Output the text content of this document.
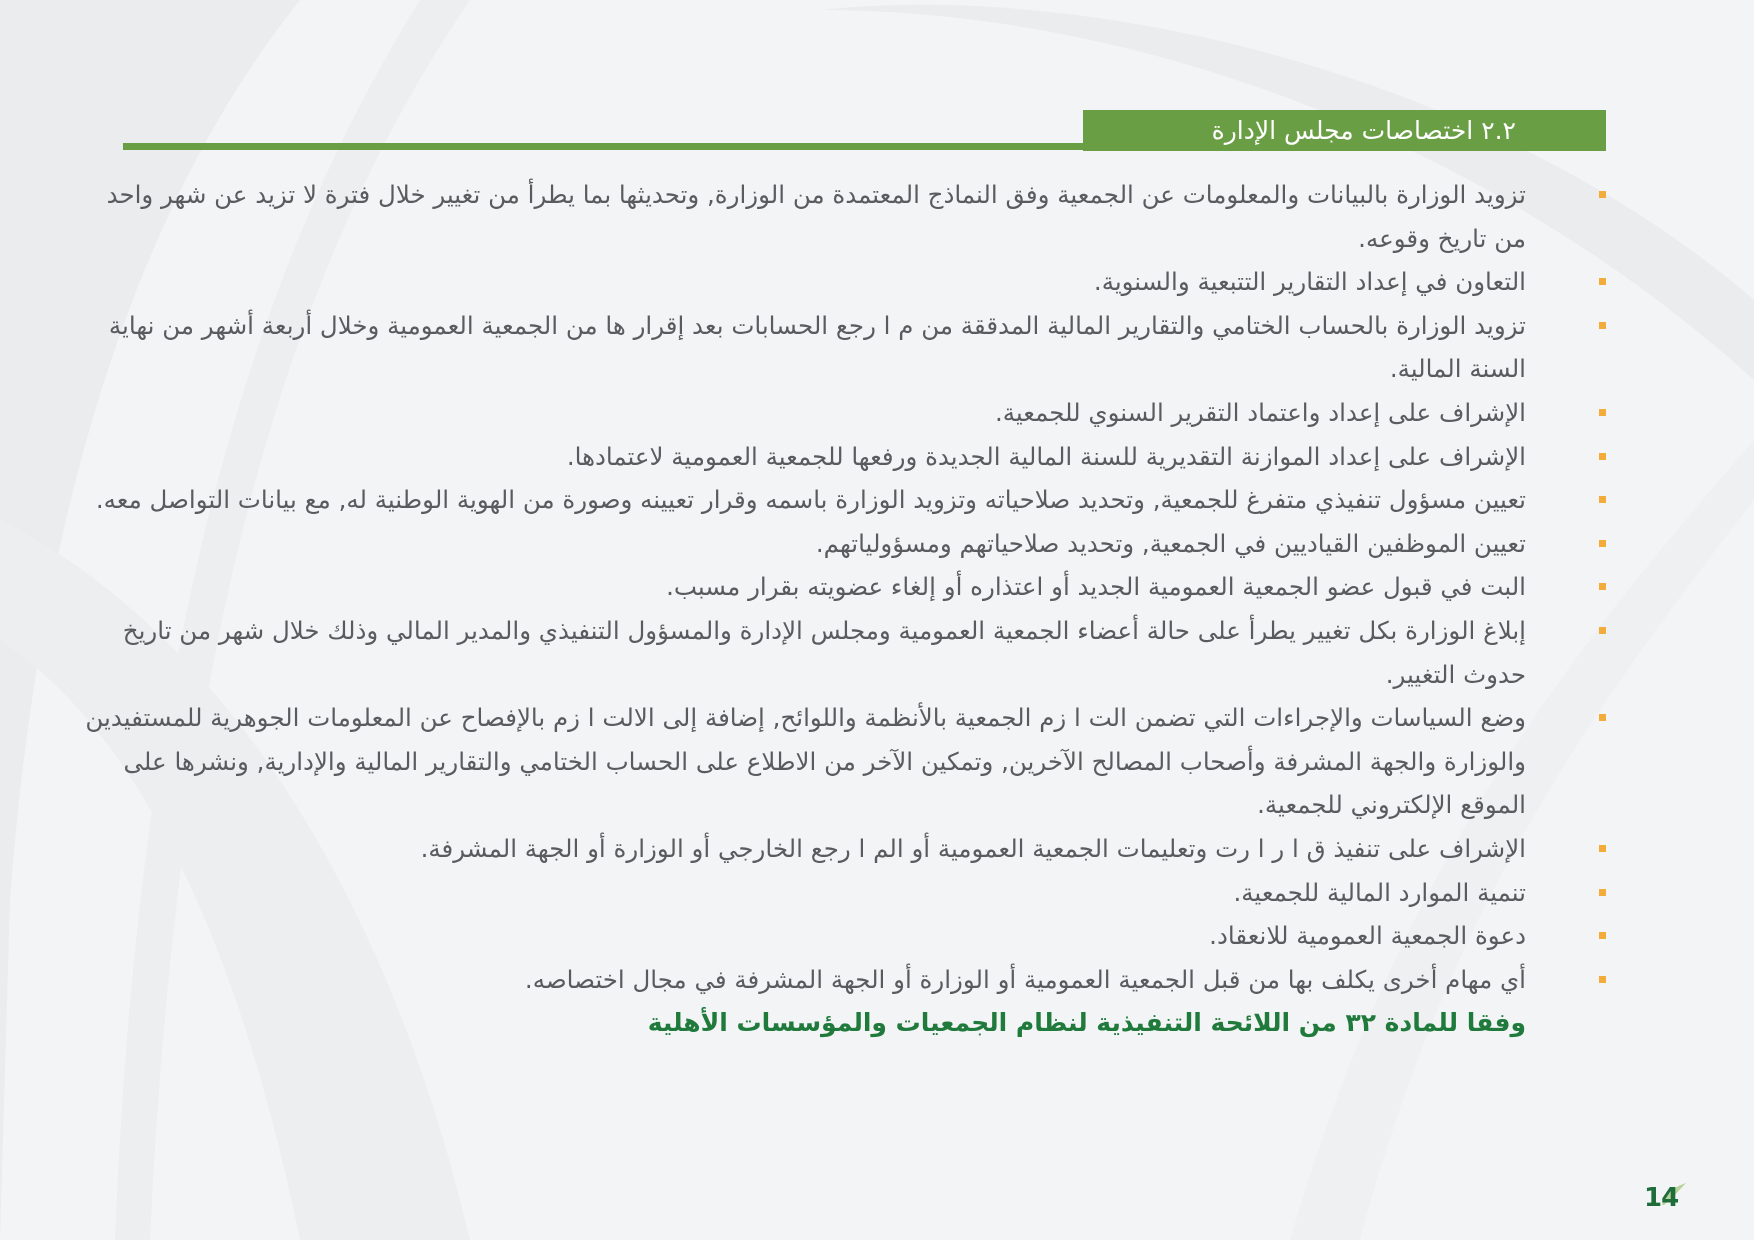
٢.٢ اختصاصات مجلس الإدارة
تزويد الوزارة بالبيانات والمعلومات عن الجمعية وفق النماذج المعتمدة من الوزارة, وتحديثها بما يطرأ من تغيير خلال فترة لا تزيد عن شهر واحد من تاريخ وقوعه.
التعاون في إعداد التقارير التتبعية والسنوية.
تزويد الوزارة بالحساب الختامي والتقارير المالية المدققة من م ا رجع الحسابات بعد إقرار ها من الجمعية العمومية وخلال أربعة أشهر من نهاية السنة المالية.
الإشراف على إعداد واعتماد التقرير السنوي للجمعية.
الإشراف على إعداد الموازنة التقديرية للسنة المالية الجديدة ورفعها للجمعية العمومية لاعتمادها.
تعيين مسؤول تنفيذي متفرغ للجمعية, وتحديد صلاحياته وتزويد الوزارة باسمه وقرار تعيينه وصورة من الهوية الوطنية له, مع بيانات التواصل معه.
تعيين الموظفين القياديين في الجمعية, وتحديد صلاحياتهم ومسؤولياتهم.
البت في قبول عضو الجمعية العمومية الجديد أو اعتذاره أو إلغاء عضويته بقرار مسبب.
إبلاغ الوزارة بكل تغيير يطرأ على حالة أعضاء الجمعية العمومية ومجلس الإدارة والمسؤول التنفيذي والمدير المالي وذلك خلال شهر من تاريخ حدوث التغيير.
وضع السياسات والإجراءات التي تضمن الت ا زم الجمعية بالأنظمة واللوائح, إضافة إلى الالت ا زم بالإفصاح عن المعلومات الجوهرية للمستفيدين والوزارة والجهة المشرفة وأصحاب المصالح الآخرين, وتمكين الآخر من الاطلاع على الحساب الختامي والتقارير المالية والإدارية, ونشرها على الموقع الإلكتروني للجمعية.
الإشراف على تنفيذ ق ا ر ا رت وتعليمات الجمعية العمومية أو الم ا رجع الخارجي أو الوزارة أو الجهة المشرفة.
تنمية الموارد المالية للجمعية.
دعوة الجمعية العمومية للانعقاد.
أي مهام أخرى يكلف بها من قبل الجمعية العمومية أو الوزارة أو الجهة المشرفة في مجال اختصاصه.
وفقا للمادة ٣٢ من اللائحة التنفيذية لنظام الجمعيات والمؤسسات الأهلية
14
